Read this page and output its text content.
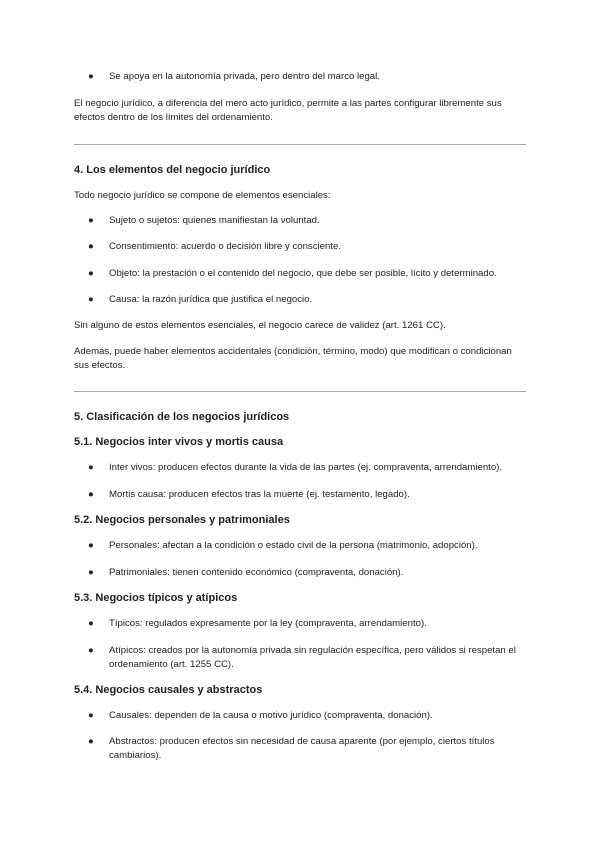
●	Se apoya en la autonomía privada, pero dentro del marco legal.

El negocio jurídico, a diferencia del mero acto jurídico, permite a las partes configurar libremente sus efectos dentro de los límites del ordenamiento.

4. Los elementos del negocio jurídico

Todo negocio jurídico se compone de elementos esenciales:

●	Sujeto o sujetos: quienes manifiestan la voluntad.
●	Consentimiento: acuerdo o decisión libre y consciente.
●	Objeto: la prestación o el contenido del negocio, que debe ser posible, lícito y determinado.
●	Causa: la razón jurídica que justifica el negocio.

Sin alguno de estos elementos esenciales, el negocio carece de validez (art. 1261 CC).

Además, puede haber elementos accidentales (condición, término, modo) que modifican o condicionan sus efectos.

5. Clasificación de los negocios jurídicos
5.1. Negocios inter vivos y mortis causa
●	Inter vivos: producen efectos durante la vida de las partes (ej. compraventa, arrendamiento).
●	Mortis causa: producen efectos tras la muerte (ej. testamento, legado).
5.2. Negocios personales y patrimoniales
●	Personales: afectan a la condición o estado civil de la persona (matrimonio, adopción).
●	Patrimoniales: tienen contenido económico (compraventa, donación).
5.3. Negocios típicos y atípicos
●	Típicos: regulados expresamente por la ley (compraventa, arrendamiento).
●	Atípicos: creados por la autonomía privada sin regulación específica, pero válidos si respetan el ordenamiento (art. 1255 CC).
5.4. Negocios causales y abstractos
●	Causales: dependen de la causa o motivo jurídico (compraventa, donación).
●	Abstractos: producen efectos sin necesidad de causa aparente (por ejemplo, ciertos títulos cambiarios).
